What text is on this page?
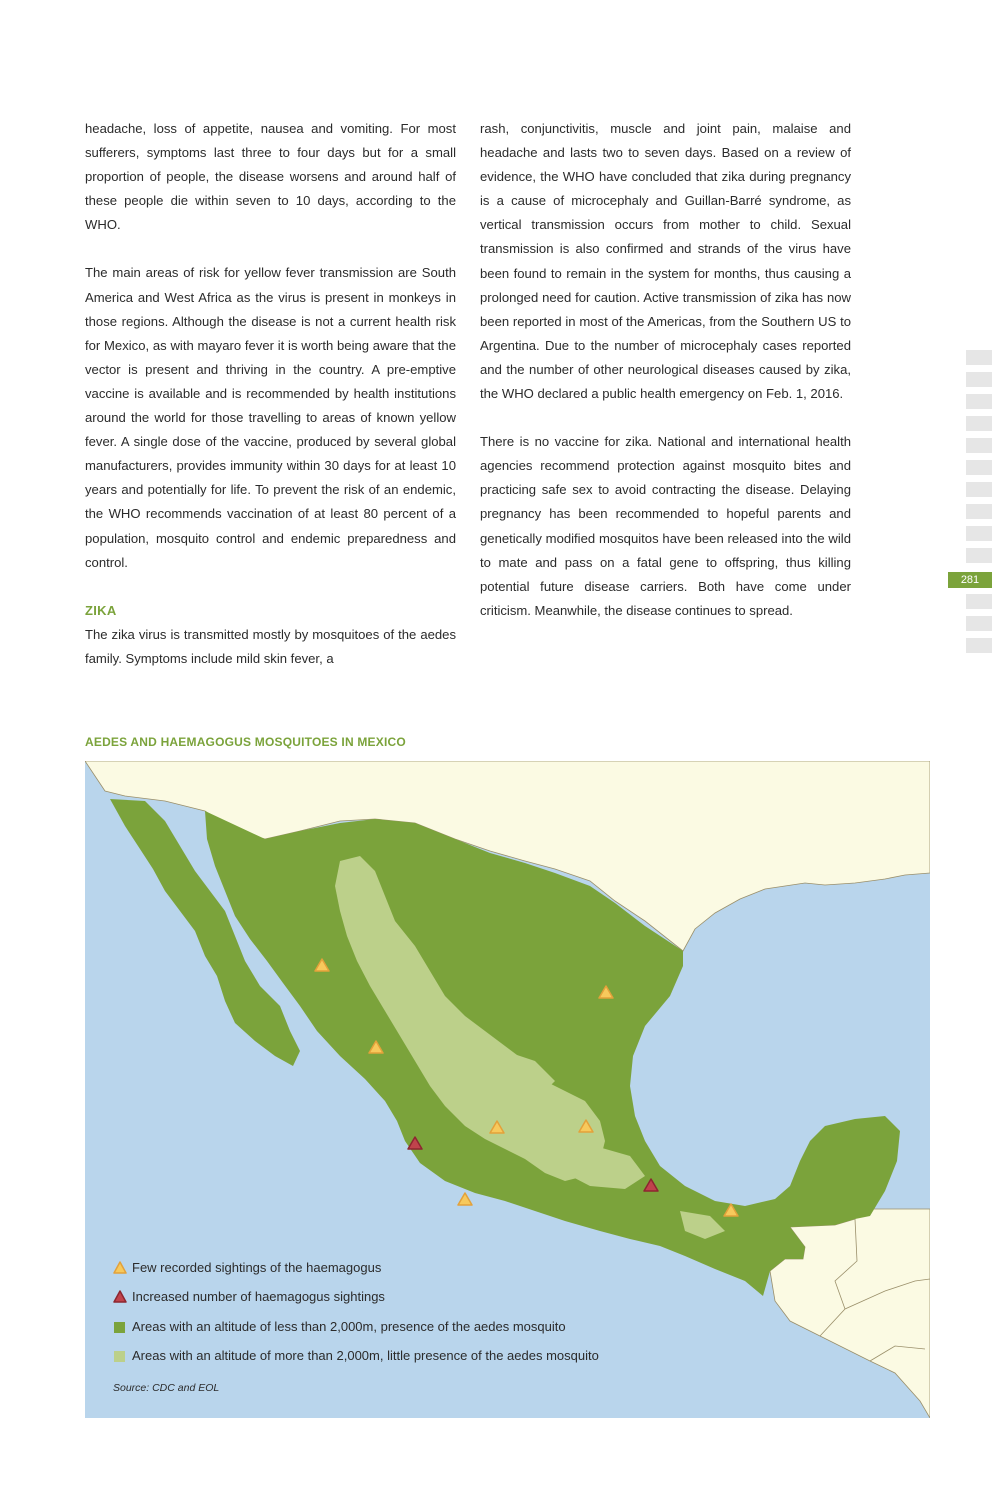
headache, loss of appetite, nausea and vomiting. For most sufferers, symptoms last three to four days but for a small proportion of people, the disease worsens and around half of these people die within seven to 10 days, according to the WHO.

The main areas of risk for yellow fever transmission are South America and West Africa as the virus is present in monkeys in those regions. Although the disease is not a current health risk for Mexico, as with mayaro fever it is worth being aware that the vector is present and thriving in the country. A pre-emptive vaccine is available and is recommended by health institutions around the world for those travelling to areas of known yellow fever. A single dose of the vaccine, produced by several global manufacturers, provides immunity within 30 days for at least 10 years and potentially for life. To prevent the risk of an endemic, the WHO recommends vaccination of at least 80 percent of a population, mosquito control and endemic preparedness and control.

ZIKA

The zika virus is transmitted mostly by mosquitoes of the aedes family. Symptoms include mild skin fever, a

rash, conjunctivitis, muscle and joint pain, malaise and headache and lasts two to seven days. Based on a review of evidence, the WHO have concluded that zika during pregnancy is a cause of microcephaly and Guillan-Barré syndrome, as vertical transmission occurs from mother to child. Sexual transmission is also confirmed and strands of the virus have been found to remain in the system for months, thus causing a prolonged need for caution. Active transmission of zika has now been reported in most of the Americas, from the Southern US to Argentina. Due to the number of microcephaly cases reported and the number of other neurological diseases caused by zika, the WHO declared a public health emergency on Feb. 1, 2016.

There is no vaccine for zika. National and international health agencies recommend protection against mosquito bites and practicing safe sex to avoid contracting the disease. Delaying pregnancy has been recommended to hopeful parents and genetically modified mosquitos have been released into the wild to mate and pass on a fatal gene to offspring, thus killing potential future disease carriers. Both have come under criticism. Meanwhile, the disease continues to spread.

281
AEDES AND HAEMAGOGUS MOSQUITOES IN MEXICO
Few recorded sightings of the haemagogus
Increased number of haemagogus sightings
Areas with an altitude of less than 2,000m, presence of the aedes mosquito
Areas with an altitude of more than 2,000m, little presence of the aedes mosquito
Source: CDC and EOL
